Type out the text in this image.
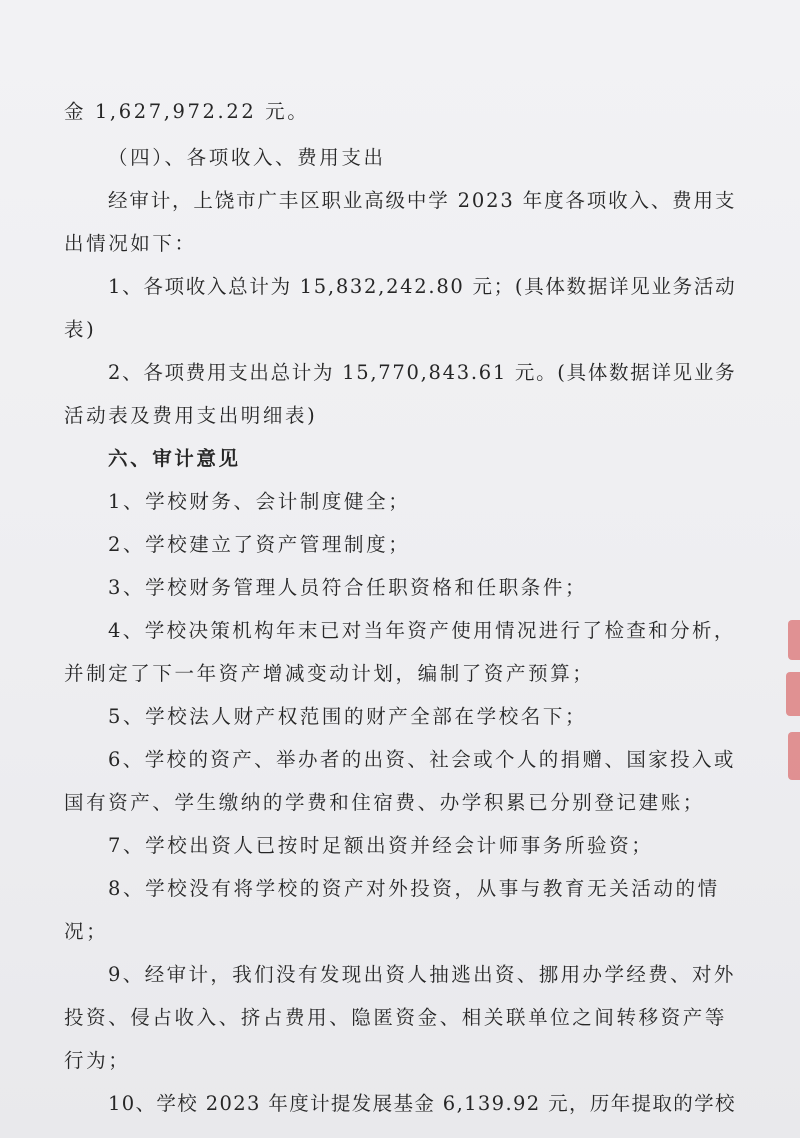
金 1,627,972.22 元。
（四）、各项收入、费用支出
经审计，上饶市广丰区职业高级中学 2023 年度各项收入、费用支
出情况如下：
1、各项收入总计为 15,832,242.80 元；(具体数据详见业务活动
表)
2、各项费用支出总计为 15,770,843.61 元。(具体数据详见业务
活动表及费用支出明细表)
六、审计意见
1、学校财务、会计制度健全；
2、学校建立了资产管理制度；
3、学校财务管理人员符合任职资格和任职条件；
4、学校决策机构年末已对当年资产使用情况进行了检查和分析，
并制定了下一年资产增减变动计划，编制了资产预算；
5、学校法人财产权范围的财产全部在学校名下；
6、学校的资产、举办者的出资、社会或个人的捐赠、国家投入或
国有资产、学生缴纳的学费和住宿费、办学积累已分别登记建账；
7、学校出资人已按时足额出资并经会计师事务所验资；
8、学校没有将学校的资产对外投资，从事与教育无关活动的情
况；
9、经审计，我们没有发现出资人抽逃出资、挪用办学经费、对外
投资、侵占收入、挤占费用、隐匿资金、相关联单位之间转移资产等
行为；
10、学校 2023 年度计提发展基金 6,139.92 元，历年提取的学校
